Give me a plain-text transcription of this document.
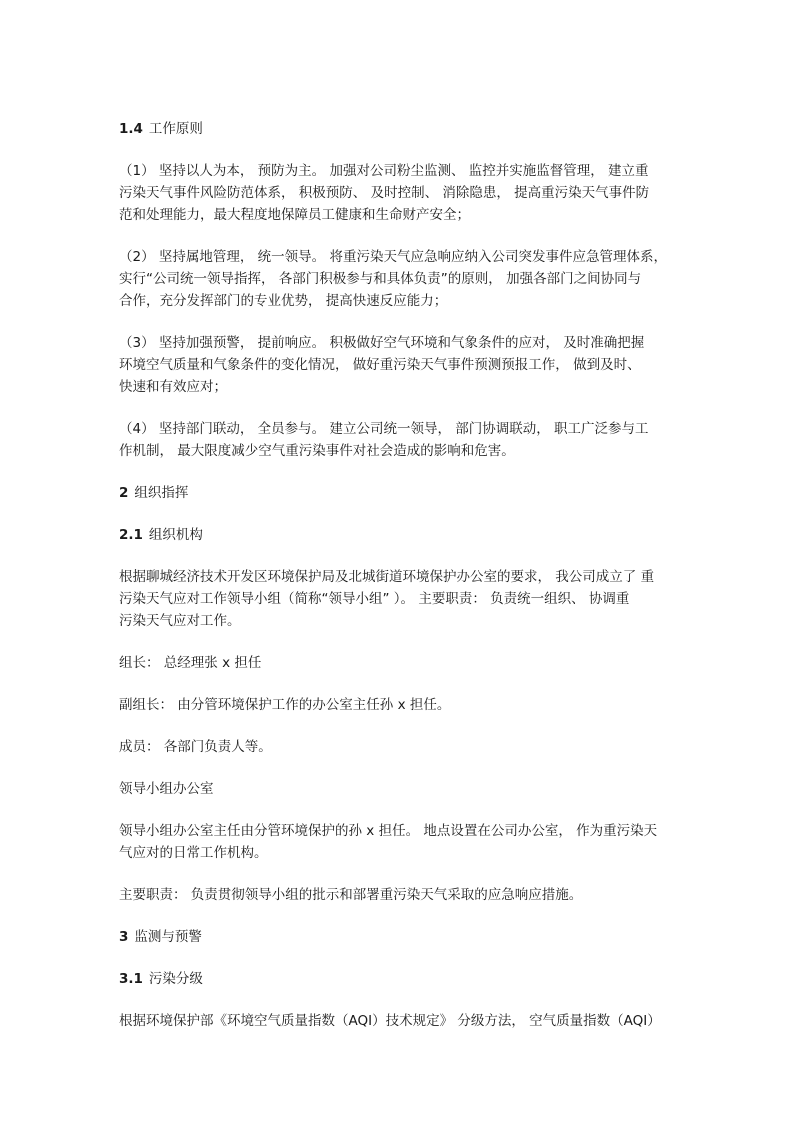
1.4 工作原则
（1） 坚持以人为本， 预防为主。 加强对公司粉尘监测、 监控并实施监督管理， 建立重
污染天气事件风险防范体系， 积极预防、 及时控制、 消除隐患， 提高重污染天气事件防
范和处理能力，最大程度地保障员工健康和生命财产安全；
（2） 坚持属地管理， 统一领导。 将重污染天气应急响应纳入公司突发事件应急管理体系，
实行“公司统一领导指挥， 各部门积极参与和具体负责”的原则， 加强各部门之间协同与
合作，充分发挥部门的专业优势， 提高快速反应能力；
（3） 坚持加强预警， 提前响应。 积极做好空气环境和气象条件的应对， 及时准确把握
环境空气质量和气象条件的变化情况， 做好重污染天气事件预测预报工作， 做到及时、
快速和有效应对；
（4） 坚持部门联动， 全员参与。 建立公司统一领导， 部门协调联动， 职工广泛参与工
作机制， 最大限度减少空气重污染事件对社会造成的影响和危害。
2 组织指挥
2.1 组织机构
根据聊城经济技术开发区环境保护局及北城街道环境保护办公室的要求， 我公司成立了 重
污染天气应对工作领导小组（简称“领导小组” ）。 主要职责： 负责统一组织、 协调重
污染天气应对工作。
组长： 总经理张 x 担任
副组长： 由分管环境保护工作的办公室主任孙 x 担任。
成员： 各部门负责人等。
领导小组办公室
领导小组办公室主任由分管环境保护的孙 x 担任。 地点设置在公司办公室， 作为重污染天
气应对的日常工作机构。
主要职责： 负责贯彻领导小组的批示和部署重污染天气采取的应急响应措施。
3 监测与预警
3.1 污染分级
根据环境保护部《环境空气质量指数（AQI）技术规定》 分级方法， 空气质量指数（AQI）
